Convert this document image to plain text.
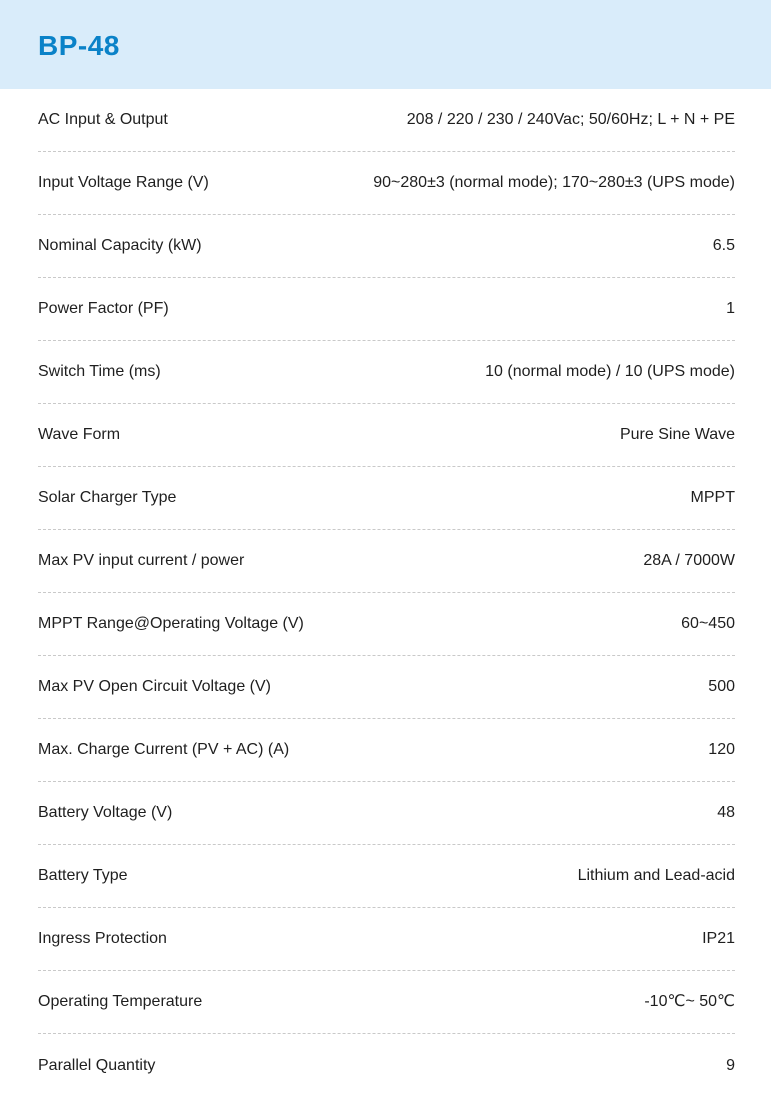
BP-48
AC Input & Output	208 / 220 / 230 / 240Vac; 50/60Hz; L + N + PE
Input Voltage Range (V)	90~280±3 (normal mode); 170~280±3 (UPS mode)
Nominal Capacity (kW)	6.5
Power Factor (PF)	1
Switch Time (ms)	10 (normal mode) / 10 (UPS mode)
Wave Form	Pure Sine Wave
Solar Charger Type	MPPT
Max PV input current / power	28A / 7000W
MPPT Range@Operating Voltage (V)	60~450
Max PV Open Circuit Voltage (V)	500
Max. Charge Current (PV + AC) (A)	120
Battery Voltage (V)	48
Battery Type	Lithium and Lead-acid
Ingress Protection	IP21
Operating Temperature	-10℃~ 50℃
Parallel Quantity	9
